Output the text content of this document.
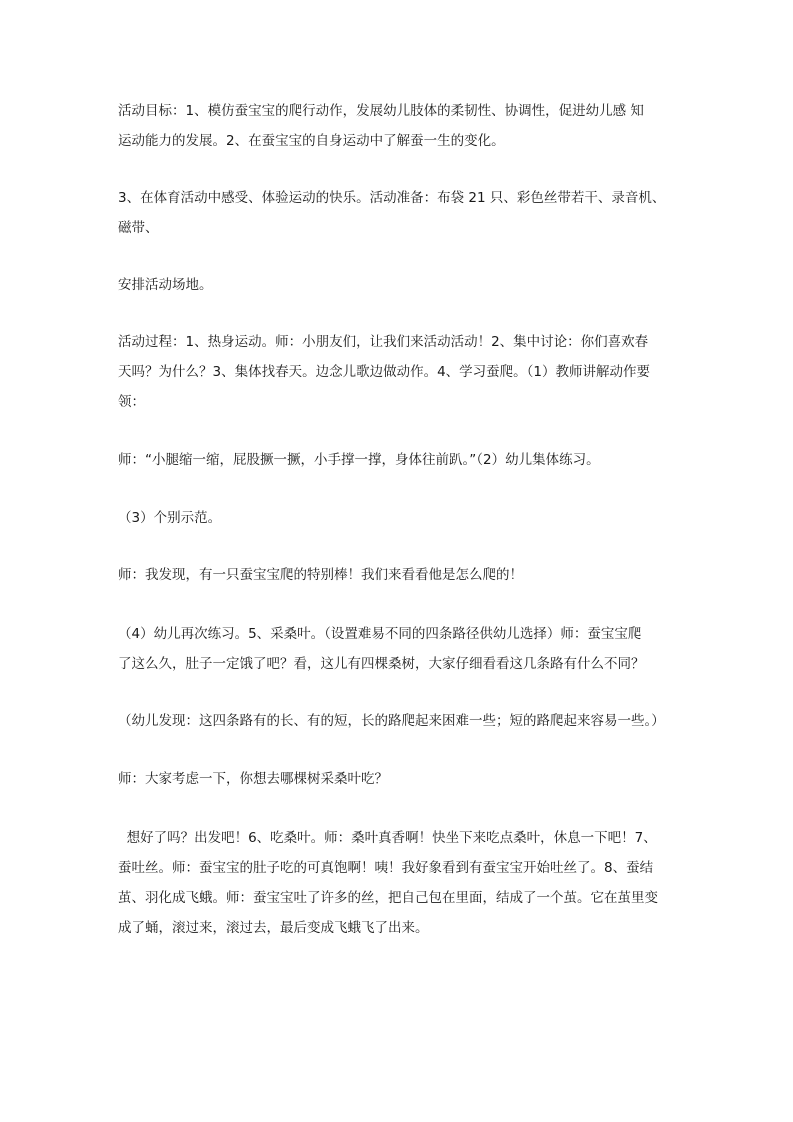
活动目标：1、模仿蚕宝宝的爬行动作，发展幼儿肢体的柔韧性、协调性，促进幼儿感 知
运动能力的发展。2、在蚕宝宝的自身运动中了解蚕一生的变化。

3、在体育活动中感受、体验运动的快乐。活动准备：布袋 21 只、彩色丝带若干、录音机、
磁带、

安排活动场地。

活动过程：1、热身运动。师：小朋友们，让我们来活动活动！2、集中讨论：你们喜欢春
天吗？为什么？3、集体找春天。边念儿歌边做动作。4、学习蚕爬。（1）教师讲解动作要
领：

师：“小腿缩一缩，屁股撅一撅，小手撑一撑，身体往前趴。”（2）幼儿集体练习。

（3）个别示范。

师：我发现，有一只蚕宝宝爬的特别棒！我们来看看他是怎么爬的！

（4）幼儿再次练习。5、采桑叶。（设置难易不同的四条路径供幼儿选择）师：蚕宝宝爬
了这么久，肚子一定饿了吧？看，这儿有四棵桑树，大家仔细看看这几条路有什么不同？

（幼儿发现：这四条路有的长、有的短，长的路爬起来困难一些；短的路爬起来容易一些。）

师：大家考虑一下，你想去哪棵树采桑叶吃？

想好了吗？出发吧！6、吃桑叶。师：桑叶真香啊！快坐下来吃点桑叶，休息一下吧！7、
蚕吐丝。师：蚕宝宝的肚子吃的可真饱啊！咦！我好象看到有蚕宝宝开始吐丝了。8、蚕结
茧、羽化成飞蛾。师：蚕宝宝吐了许多的丝，把自己包在里面，结成了一个茧。它在茧里变
成了蛹，滚过来，滚过去，最后变成飞蛾飞了出来。
